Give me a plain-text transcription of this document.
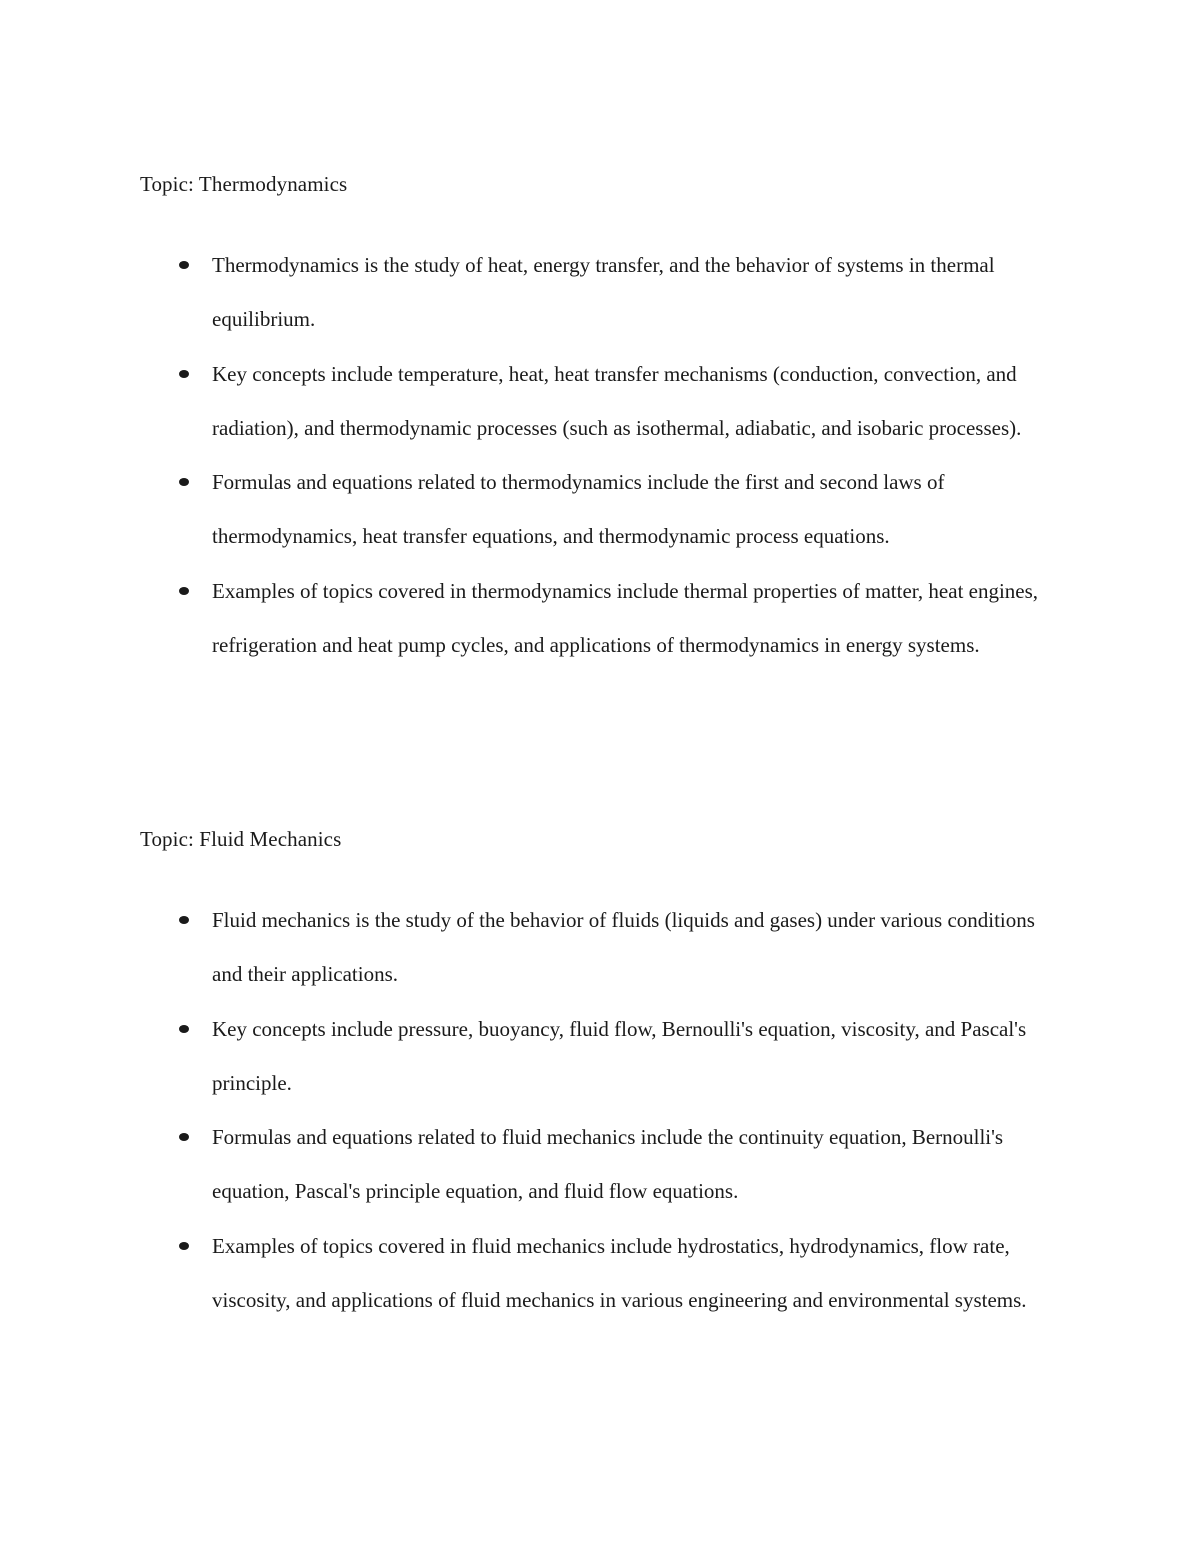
Topic: Thermodynamics
Thermodynamics is the study of heat, energy transfer, and the behavior of systems in thermal equilibrium.
Key concepts include temperature, heat, heat transfer mechanisms (conduction, convection, and radiation), and thermodynamic processes (such as isothermal, adiabatic, and isobaric processes).
Formulas and equations related to thermodynamics include the first and second laws of thermodynamics, heat transfer equations, and thermodynamic process equations.
Examples of topics covered in thermodynamics include thermal properties of matter, heat engines, refrigeration and heat pump cycles, and applications of thermodynamics in energy systems.
Topic: Fluid Mechanics
Fluid mechanics is the study of the behavior of fluids (liquids and gases) under various conditions and their applications.
Key concepts include pressure, buoyancy, fluid flow, Bernoulli's equation, viscosity, and Pascal's principle.
Formulas and equations related to fluid mechanics include the continuity equation, Bernoulli's equation, Pascal's principle equation, and fluid flow equations.
Examples of topics covered in fluid mechanics include hydrostatics, hydrodynamics, flow rate, viscosity, and applications of fluid mechanics in various engineering and environmental systems.
